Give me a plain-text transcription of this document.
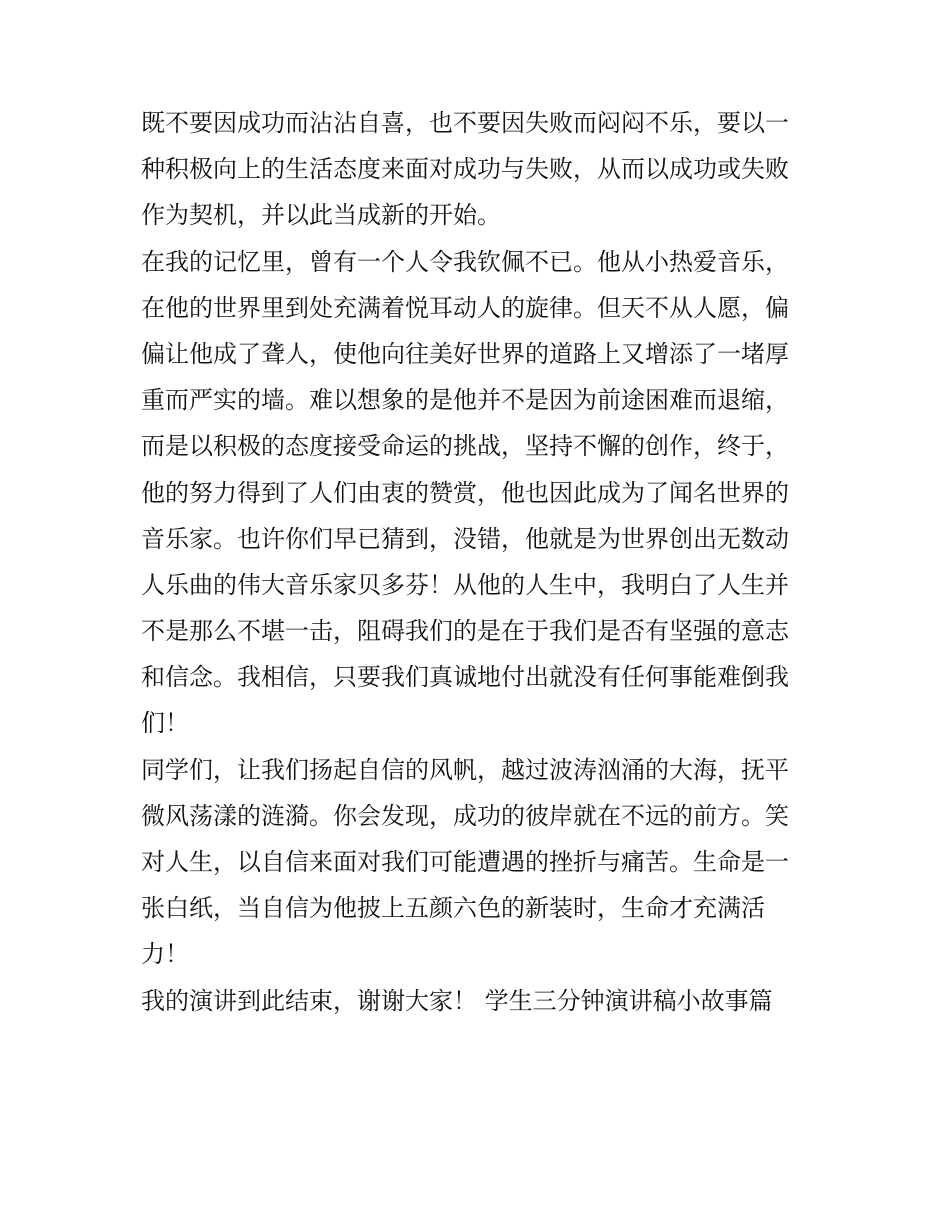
既不要因成功而沾沾自喜，也不要因失败而闷闷不乐，要以一
种积极向上的生活态度来面对成功与失败，从而以成功或失败
作为契机，并以此当成新的开始。
在我的记忆里，曾有一个人令我钦佩不已。他从小热爱音乐，
在他的世界里到处充满着悦耳动人的旋律。但天不从人愿，偏
偏让他成了聋人，使他向往美好世界的道路上又增添了一堵厚
重而严实的墙。难以想象的是他并不是因为前途困难而退缩，
而是以积极的态度接受命运的挑战，坚持不懈的创作，终于，
他的努力得到了人们由衷的赞赏，他也因此成为了闻名世界的
音乐家。也许你们早已猜到，没错，他就是为世界创出无数动
人乐曲的伟大音乐家贝多芬！从他的人生中，我明白了人生并
不是那么不堪一击，阻碍我们的是在于我们是否有坚强的意志
和信念。我相信，只要我们真诚地付出就没有任何事能难倒我
们！
同学们，让我们扬起自信的风帆，越过波涛汹涌的大海，抚平
微风荡漾的涟漪。你会发现，成功的彼岸就在不远的前方。笑
对人生，以自信来面对我们可能遭遇的挫折与痛苦。生命是一
张白纸，当自信为他披上五颜六色的新装时，生命才充满活
力！
我的演讲到此结束，谢谢大家！ 学生三分钟演讲稿小故事篇
